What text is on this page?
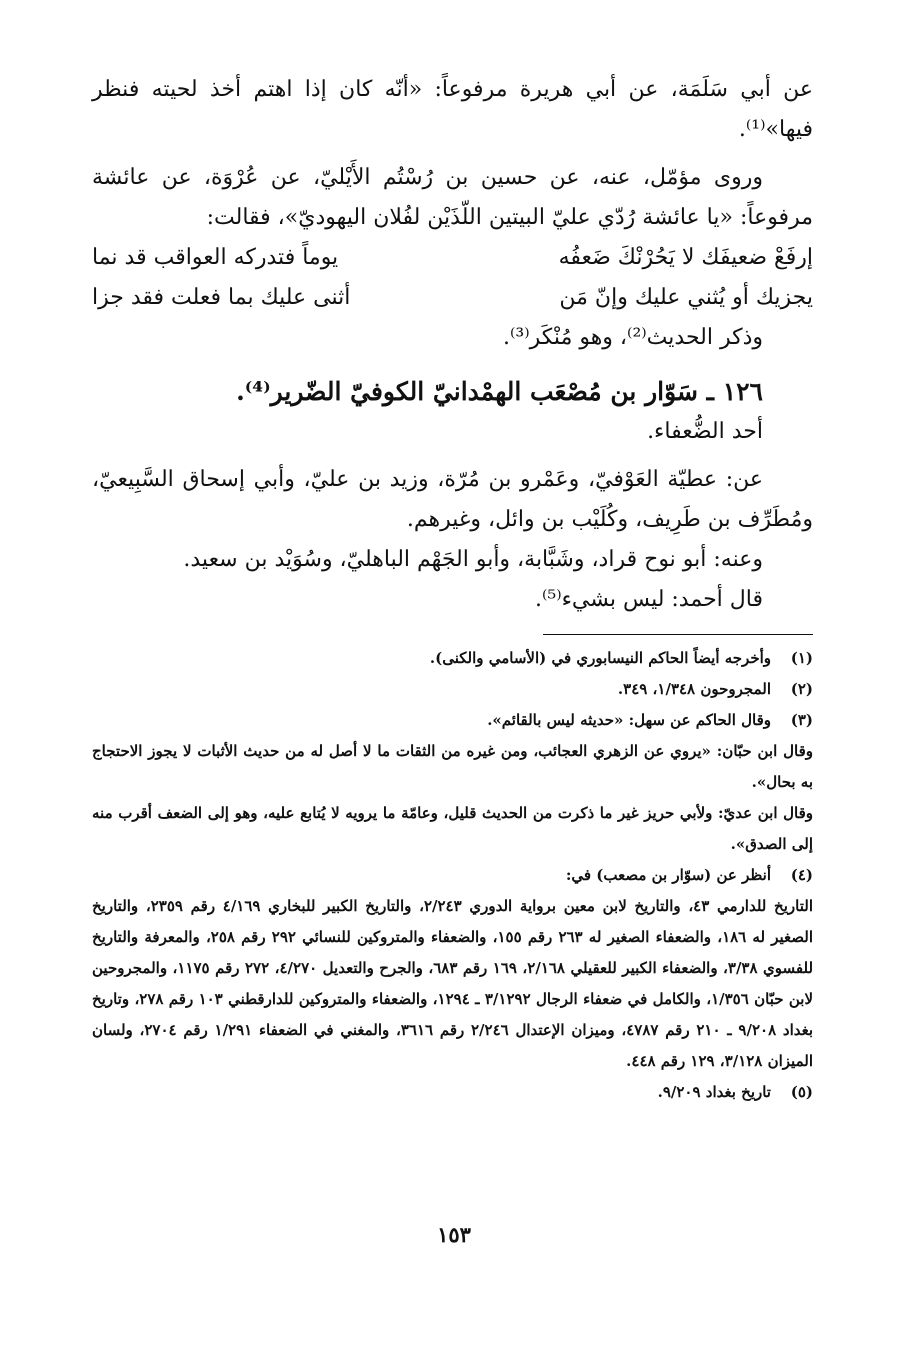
عن أبي سَلَمَة، عن أبي هريرة مرفوعاً: «أنّه كان إذا اهتم أخذ لحيته فنظر فيها»⁽¹⁾.

وروى مؤمّل، عنه، عن حسين بن رُسْتُم الأَيْليّ، عن عُرْوَة، عن عائشة مرفوعاً: «يا عائشة رُدّي عليّ البيتين اللّذَيْن لفُلان اليهوديّ»، فقالت:

إرفَعْ ضعيفَك لا يَحُرْنْكَ ضَعفُه
يوماً فتدركه العواقب قد نما
يجزيك أو يُثني عليك وإنّ مَن
أثنى عليك بما فعلت فقد جزا

وذكر الحديث⁽²⁾، وهو مُنْكَر⁽³⁾.

١٢٦ ـ سَوّار بن مُصْعَب الهمْدانيّ الكوفيّ الضّرير⁽⁴⁾.

أحد الضُّعفاء.

عن: عطيّة العَوْفيّ، وعَمْرو بن مُرّة، وزيد بن عليّ، وأبي إسحاق السَّبِيعيّ، ومُطَرِّف بن طَرِيف، وكُلَيْب بن وائل، وغيرهم.

وعنه: أبو نوح قراد، وشَبَّابة، وأبو الجَهْم الباهليّ، وسُوَيْد بن سعيد.

قال أحمد: ليس بشيء⁽⁵⁾.

(١)
وأخرجه أيضاً الحاكم النيسابوري في (الأسامي والكنى).
(٢)
المجروحون ١/٣٤٨، ٣٤٩.
(٣)
وقال الحاكم عن سهل: «حديثه ليس بالقائم».

وقال ابن حبّان: «يروي عن الزهري العجائب، ومن غيره من الثقات ما لا أصل له من حديث الأثبات لا يجوز الاحتجاج به بحال».

وقال ابن عديّ: ولأبي حريز غير ما ذكرت من الحديث قليل، وعامّة ما يرويه لا يُتابع عليه، وهو إلى الضعف أقرب منه إلى الصدق».

(٤)
أنظر عن (سوّار بن مصعب) في:

التاريخ للدارمي ٤٣، والتاريخ لابن معين برواية الدوري ٢/٢٤٣، والتاريخ الكبير للبخاري ٤/١٦٩ رقم ٢٣٥٩، والتاريخ الصغير له ١٨٦، والضعفاء الصغير له ٢٦٣ رقم ١٥٥، والضعفاء والمتروكين للنسائي ٢٩٢ رقم ٢٥٨، والمعرفة والتاريخ للفسوي ٣/٣٨، والضعفاء الكبير للعقيلي ٢/١٦٨، ١٦٩ رقم ٦٨٣، والجرح والتعديل ٤/٢٧٠، ٢٧٢ رقم ١١٧٥، والمجروحين لابن حبّان ١/٣٥٦، والكامل في ضعفاء الرجال ٣/١٢٩٢ ـ ١٢٩٤، والضعفاء والمتروكين للدارقطني ١٠٣ رقم ٢٧٨، وتاريخ بغداد ٩/٢٠٨ ـ ٢١٠ رقم ٤٧٨٧، وميزان الإعتدال ٢/٢٤٦ رقم ٣٦١٦، والمغني في الضعفاء ١/٢٩١ رقم ٢٧٠٤، ولسان الميزان ٣/١٢٨، ١٢٩ رقم ٤٤٨.

(٥)
تاريخ بغداد ٩/٢٠٩.
١٥٣
